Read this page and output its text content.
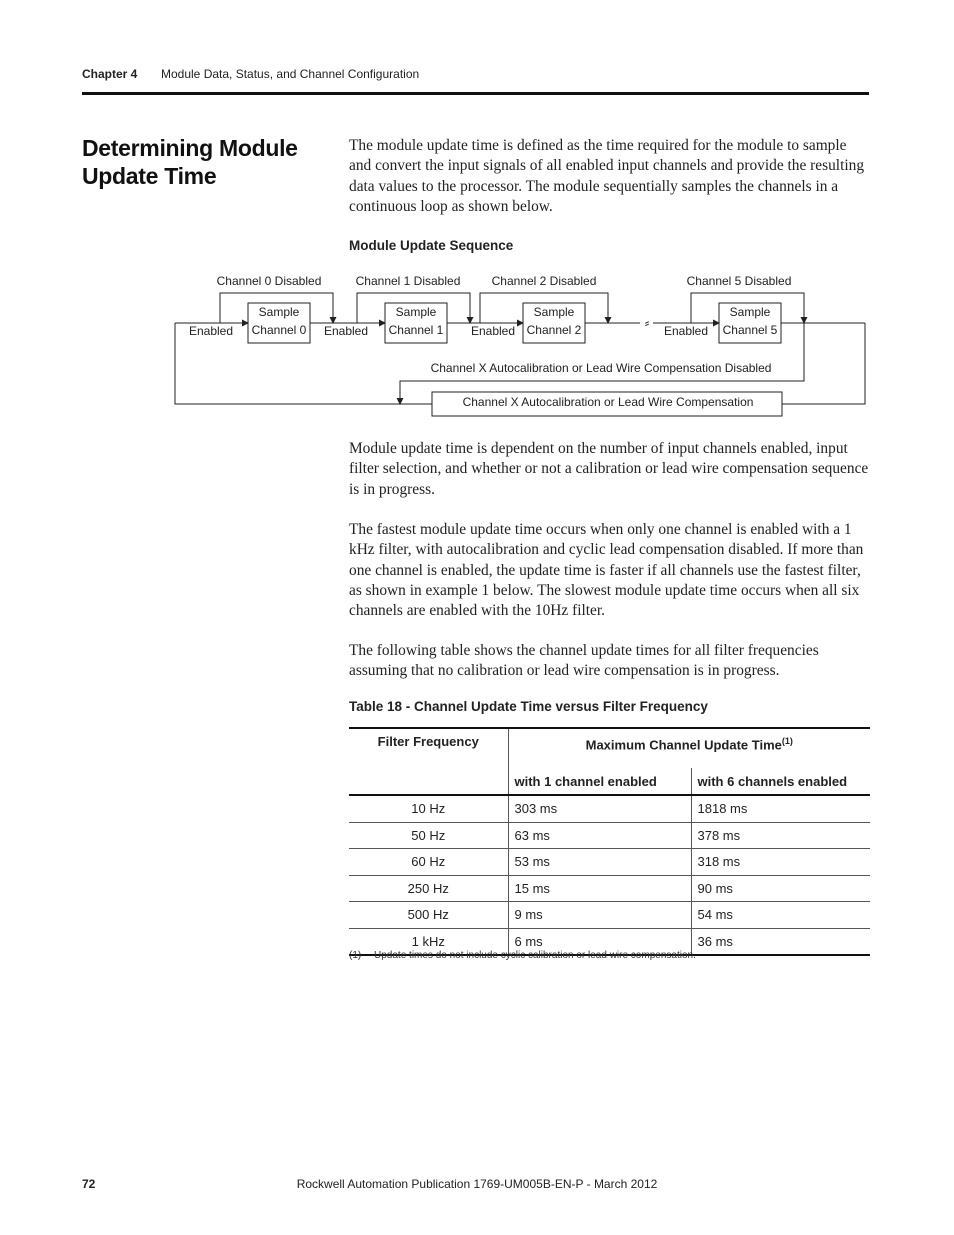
Chapter 4 Module Data, Status, and Channel Configuration
Determining Module Update Time

The module update time is defined as the time required for the module to sample and convert the input signals of all enabled input channels and provide the resulting data values to the processor. The module sequentially samples the channels in a continuous loop as shown below.

Module Update Sequence
⸗
Channel 0 Disabled	Channel 1 Disabled	Channel 2 Disabled	Channel 5 Disabled
Enabled	Enabled	Enabled	Enabled
Sample
Channel 0
Sample
Channel 1
Sample
Channel 2
Sample
Channel 5
Channel X Autocalibration or Lead Wire Compensation Disabled
Channel X Autocalibration or Lead Wire Compensation

Module update time is dependent on the number of input channels enabled, input filter selection, and whether or not a calibration or lead wire compensation sequence is in progress.

The fastest module update time occurs when only one channel is enabled with a 1 kHz filter, with autocalibration and cyclic lead compensation disabled. If more than one channel is enabled, the update time is faster if all channels use the fastest filter, as shown in example 1 below. The slowest module update time occurs when all six channels are enabled with the 10Hz filter.

The following table shows the channel update times for all filter frequencies assuming that no calibration or lead wire compensation is in progress.

Table 18 - Channel Update Time versus Filter Frequency
Filter Frequency	Maximum Channel Update Time$^{(1)}$
	with 1 channel enabled	with 6 channels enabled
10 Hz	303 ms	1818 ms
50 Hz	63 ms	378 ms
60 Hz	53 ms	318 ms
250 Hz	15 ms	90 ms
500 Hz	9 ms	54 ms
1 kHz	6 ms	36 ms
(1) Update times do not include cyclic calibration or lead wire compensation.
Rockwell Automation Publication 1769-UM005B-EN-P - March 2012
72
